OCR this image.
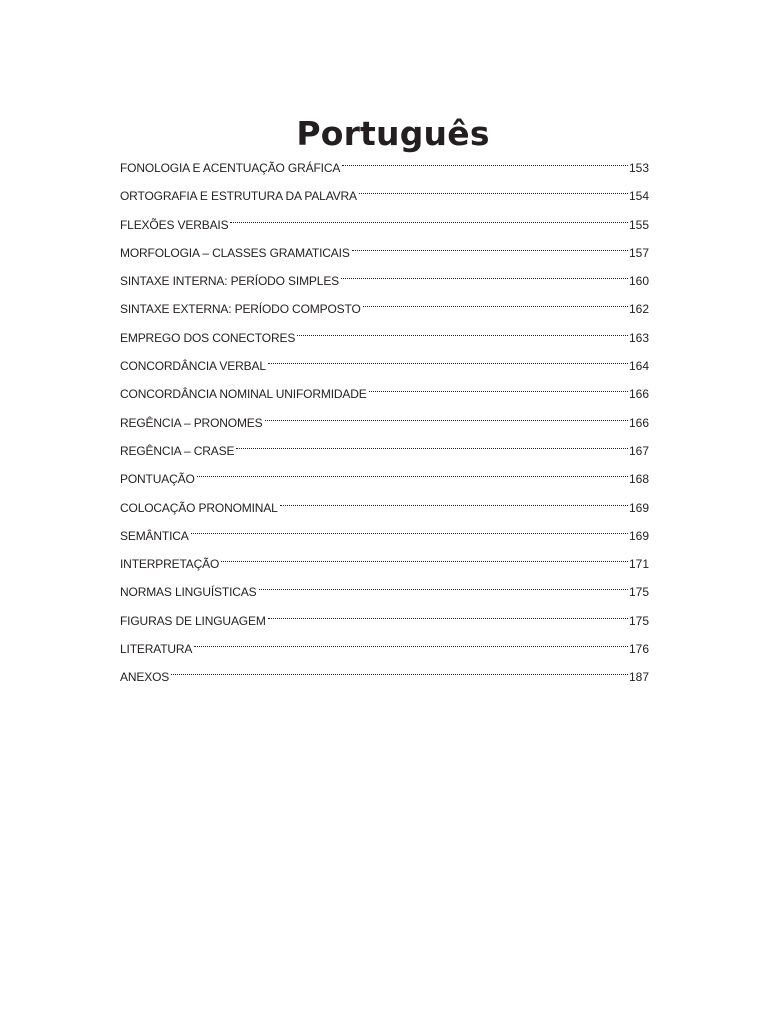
Português
FONOLOGIA E ACENTUAÇÃO GRÁFICA	153
ORTOGRAFIA E ESTRUTURA DA PALAVRA	154
FLEXÕES VERBAIS	155
MORFOLOGIA – CLASSES GRAMATICAIS	157
SINTAXE INTERNA: PERÍODO SIMPLES	160
SINTAXE EXTERNA: PERÍODO COMPOSTO	162
EMPREGO DOS CONECTORES	163
CONCORDÂNCIA VERBAL	164
CONCORDÂNCIA NOMINAL UNIFORMIDADE	166
REGÊNCIA – PRONOMES	166
REGÊNCIA – CRASE	167
PONTUAÇÃO	168
COLOCAÇÃO PRONOMINAL	169
SEMÂNTICA	169
INTERPRETAÇÃO	171
NORMAS LINGUÍSTICAS	175
FIGURAS DE LINGUAGEM	175
LITERATURA	176
ANEXOS	187
